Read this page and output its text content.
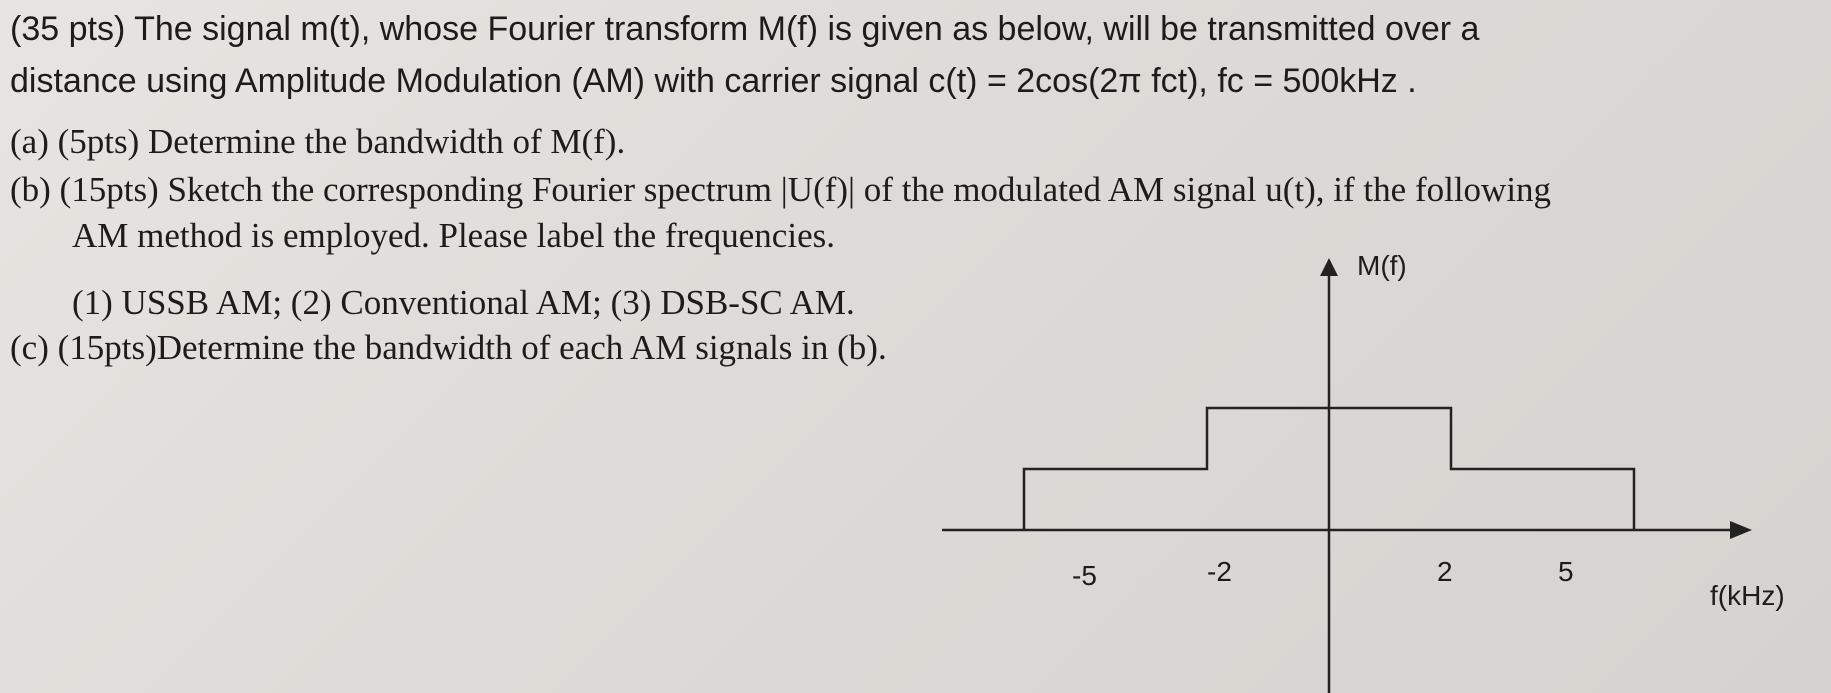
(35 pts) The signal m(t), whose Fourier transform M(f) is given as below, will be transmitted over a
distance using Amplitude Modulation (AM) with carrier signal c(t) = 2cos(2π fct), fc = 500kHz .
(a) (5pts) Determine the bandwidth of M(f).
(b) (15pts) Sketch the corresponding Fourier spectrum |U(f)| of the modulated AM signal u(t), if the following
AM method is employed. Please label the frequencies.
(1) USSB AM; (2) Conventional AM; (3) DSB-SC AM.
(c) (15pts)Determine the bandwidth of each AM signals in (b).
M(f)
f(kHz)
-5	-2	2	5
